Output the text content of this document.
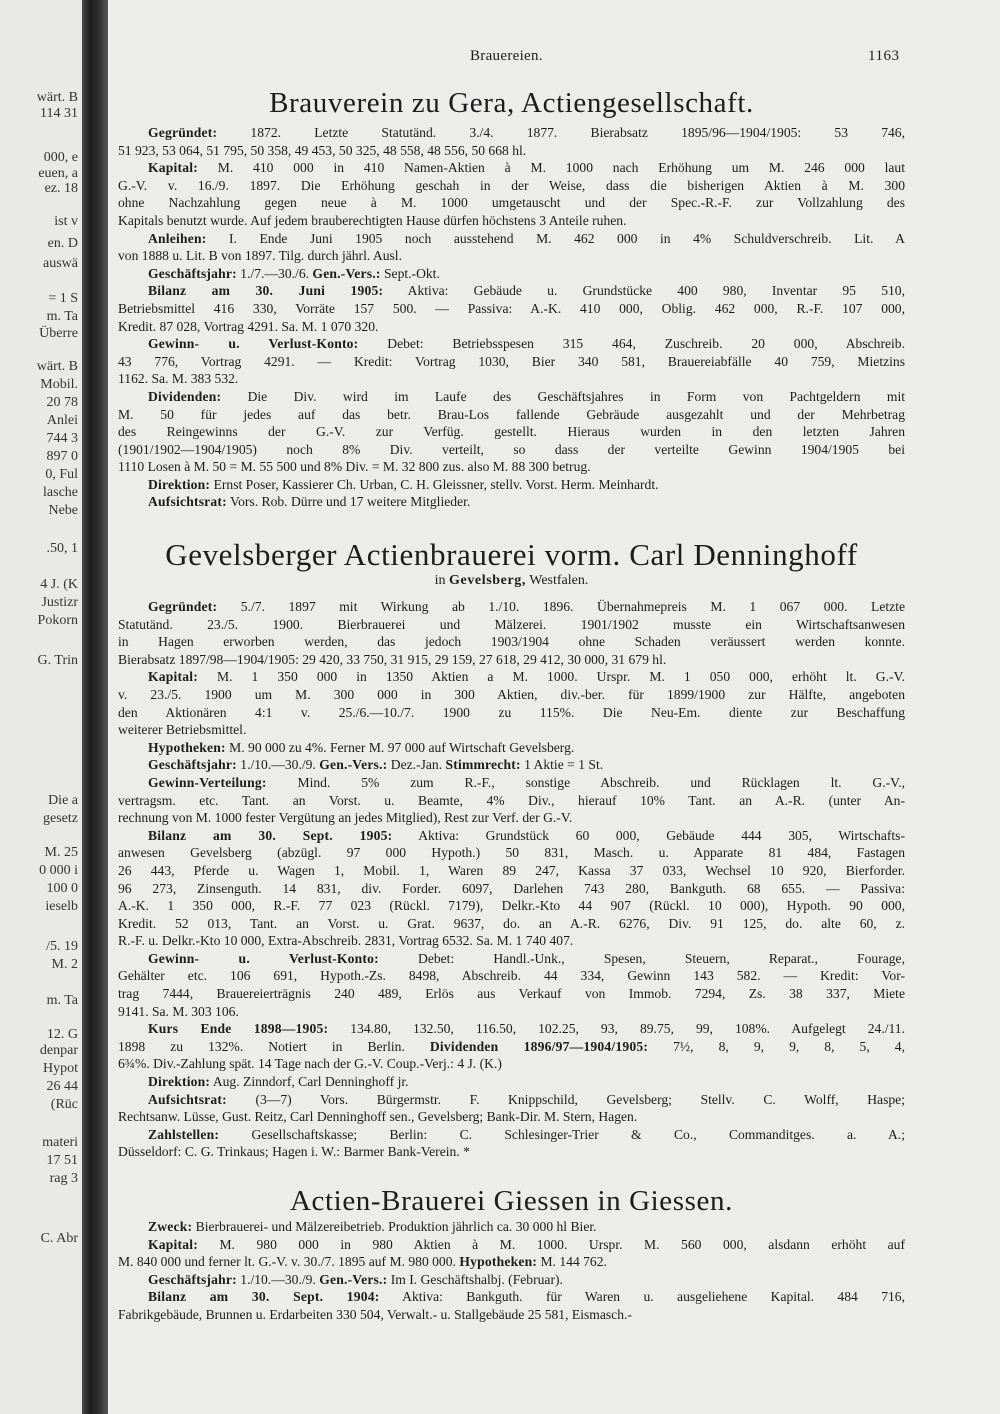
wärt. B
114 31
000, e
euen, a
ez. 18
ist v
en. D
auswä
= 1 S
m. Ta
Überre
wärt. B
Mobil.
20 78
Anlei
744 3
897 0
0, Ful
lasche
Nebe
.50, 1
4 J. (K
Justizr
Pokorn
G. Trin
Die a
gesetz
M. 25
0 000 i
100 0
ieselb
/5. 19
M. 2
m. Ta
12. G
denpar
Hypot
26 44
(Rüc
materi
17 51
rag 3
C. Abr
Brauereien.	1163
Brauverein zu Gera, Actiengesellschaft.
Gegründet: 1872. Letzte Statutänd. 3./4. 1877. Bierabsatz 1895/96—1904/1905: 53 746,
51 923, 53 064, 51 795, 50 358, 49 453, 50 325, 48 558, 48 556, 50 668 hl.
Kapital: M. 410 000 in 410 Namen-Aktien à M. 1000 nach Erhöhung um M. 246 000 laut
G.-V. v. 16./9. 1897. Die Erhöhung geschah in der Weise, dass die bisherigen Aktien à M. 300
ohne Nachzahlung gegen neue à M. 1000 umgetauscht und der Spec.-R.-F. zur Vollzahlung des
Kapitals benutzt wurde. Auf jedem brauberechtigten Hause dürfen höchstens 3 Anteile ruhen.
Anleihen: I. Ende Juni 1905 noch ausstehend M. 462 000 in 4% Schuldverschreib. Lit. A
von 1888 u. Lit. B von 1897. Tilg. durch jährl. Ausl.
Geschäftsjahr: 1./7.—30./6. Gen.-Vers.: Sept.-Okt.
Bilanz am 30. Juni 1905: Aktiva: Gebäude u. Grundstücke 400 980, Inventar 95 510,
Betriebsmittel 416 330, Vorräte 157 500. — Passiva: A.-K. 410 000, Oblig. 462 000, R.-F. 107 000,
Kredit. 87 028, Vortrag 4291. Sa. M. 1 070 320.
Gewinn- u. Verlust-Konto: Debet: Betriebsspesen 315 464, Zuschreib. 20 000, Abschreib.
43 776, Vortrag 4291. — Kredit: Vortrag 1030, Bier 340 581, Brauereiabfälle 40 759, Mietzins
1162. Sa. M. 383 532.
Dividenden: Die Div. wird im Laufe des Geschäftsjahres in Form von Pachtgeldern mit
M. 50 für jedes auf das betr. Brau-Los fallende Gebräude ausgezahlt und der Mehrbetrag
des Reingewinns der G.-V. zur Verfüg. gestellt. Hieraus wurden in den letzten Jahren
(1901/1902—1904/1905) noch 8% Div. verteilt, so dass der verteilte Gewinn 1904/1905 bei
1110 Losen à M. 50 = M. 55 500 und 8% Div. = M. 32 800 zus. also M. 88 300 betrug.
Direktion: Ernst Poser, Kassierer Ch. Urban, C. H. Gleissner, stellv. Vorst. Herm. Meinhardt.
Aufsichtsrat: Vors. Rob. Dürre und 17 weitere Mitglieder.
Gevelsberger Actienbrauerei vorm. Carl Denninghoff
in Gevelsberg, Westfalen.
Gegründet: 5./7. 1897 mit Wirkung ab 1./10. 1896. Übernahmepreis M. 1 067 000. Letzte
Statutänd. 23./5. 1900. Bierbrauerei und Mälzerei. 1901/1902 musste ein Wirtschaftsanwesen
in Hagen erworben werden, das jedoch 1903/1904 ohne Schaden veräussert werden konnte.
Bierabsatz 1897/98—1904/1905: 29 420, 33 750, 31 915, 29 159, 27 618, 29 412, 30 000, 31 679 hl.
Kapital: M. 1 350 000 in 1350 Aktien a M. 1000. Urspr. M. 1 050 000, erhöht lt. G.-V.
v. 23./5. 1900 um M. 300 000 in 300 Aktien, div.-ber. für 1899/1900 zur Hälfte, angeboten
den Aktionären 4:1 v. 25./6.—10./7. 1900 zu 115%. Die Neu-Em. diente zur Beschaffung
weiterer Betriebsmittel.
Hypotheken: M. 90 000 zu 4%. Ferner M. 97 000 auf Wirtschaft Gevelsberg.
Geschäftsjahr: 1./10.—30./9. Gen.-Vers.: Dez.-Jan. Stimmrecht: 1 Aktie = 1 St.
Gewinn-Verteilung: Mind. 5% zum R.-F., sonstige Abschreib. und Rücklagen lt. G.-V.,
vertragsm. etc. Tant. an Vorst. u. Beamte, 4% Div., hierauf 10% Tant. an A.-R. (unter An-
rechnung von M. 1000 fester Vergütung an jedes Mitglied), Rest zur Verf. der G.-V.
Bilanz am 30. Sept. 1905: Aktiva: Grundstück 60 000, Gebäude 444 305, Wirtschafts-
anwesen Gevelsberg (abzügl. 97 000 Hypoth.) 50 831, Masch. u. Apparate 81 484, Fastagen
26 443, Pferde u. Wagen 1, Mobil. 1, Waren 89 247, Kassa 37 033, Wechsel 10 920, Bierforder.
96 273, Zinsenguth. 14 831, div. Forder. 6097, Darlehen 743 280, Bankguth. 68 655. — Passiva:
A.-K. 1 350 000, R.-F. 77 023 (Rückl. 7179), Delkr.-Kto 44 907 (Rückl. 10 000), Hypoth. 90 000,
Kredit. 52 013, Tant. an Vorst. u. Grat. 9637, do. an A.-R. 6276, Div. 91 125, do. alte 60, z.
R.-F. u. Delkr.-Kto 10 000, Extra-Abschreib. 2831, Vortrag 6532. Sa. M. 1 740 407.
Gewinn- u. Verlust-Konto: Debet: Handl.-Unk., Spesen, Steuern, Reparat., Fourage,
Gehälter etc. 106 691, Hypoth.-Zs. 8498, Abschreib. 44 334, Gewinn 143 582. — Kredit: Vor-
trag 7444, Brauereierträgnis 240 489, Erlös aus Verkauf von Immob. 7294, Zs. 38 337, Miete
9141. Sa. M. 303 106.
Kurs Ende 1898—1905: 134.80, 132.50, 116.50, 102.25, 93, 89.75, 99, 108%. Aufgelegt 24./11.
1898 zu 132%. Notiert in Berlin. Dividenden 1896/97—1904/1905: 7½, 8, 9, 9, 8, 5, 4,
6¾%. Div.-Zahlung spät. 14 Tage nach der G.-V. Coup.-Verj.: 4 J. (K.)
Direktion: Aug. Zinndorf, Carl Denninghoff jr.
Aufsichtsrat: (3—7) Vors. Bürgermstr. F. Knippschild, Gevelsberg; Stellv. C. Wolff, Haspe;
Rechtsanw. Lüsse, Gust. Reitz, Carl Denninghoff sen., Gevelsberg; Bank-Dir. M. Stern, Hagen.
Zahlstellen: Gesellschaftskasse; Berlin: C. Schlesinger-Trier & Co., Commanditges. a. A.;
Düsseldorf: C. G. Trinkaus; Hagen i. W.: Barmer Bank-Verein. *
Actien-Brauerei Giessen in Giessen.
Zweck: Bierbrauerei- und Mälzereibetrieb. Produktion jährlich ca. 30 000 hl Bier.
Kapital: M. 980 000 in 980 Aktien à M. 1000. Urspr. M. 560 000, alsdann erhöht auf
M. 840 000 und ferner lt. G.-V. v. 30./7. 1895 auf M. 980 000. Hypotheken: M. 144 762.
Geschäftsjahr: 1./10.—30./9. Gen.-Vers.: Im I. Geschäftshalbj. (Februar).
Bilanz am 30. Sept. 1904: Aktiva: Bankguth. für Waren u. ausgeliehene Kapital. 484 716,
Fabrikgebäude, Brunnen u. Erdarbeiten 330 504, Verwalt.- u. Stallgebäude 25 581, Eismasch.-
